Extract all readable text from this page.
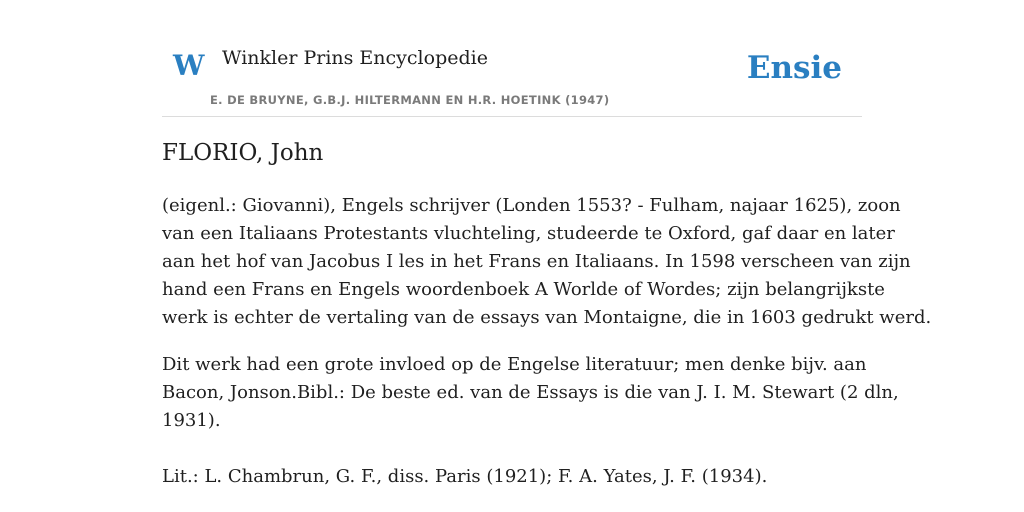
W Winkler Prins Encyclopedie
E. DE BRUYNE, G.B.J. HILTERMANN EN H.R. HOETINK (1947)
Ensie
FLORIO, John

(eigenl.: Giovanni), Engels schrijver (Londen 1553? - Fulham, najaar 1625), zoon
van een Italiaans Protestants vluchteling, studeerde te Oxford, gaf daar en later
aan het hof van Jacobus I les in het Frans en Italiaans. In 1598 verscheen van zijn
hand een Frans en Engels woordenboek A Worlde of Wordes; zijn belangrijkste
werk is echter de vertaling van de essays van Montaigne, die in 1603 gedrukt werd.

Dit werk had een grote invloed op de Engelse literatuur; men denke bijv. aan
Bacon, Jonson.Bibl.: De beste ed. van de Essays is die van J. I. M. Stewart (2 dln,
1931).

Lit.: L. Chambrun, G. F., diss. Paris (1921); F. A. Yates, J. F. (1934).
